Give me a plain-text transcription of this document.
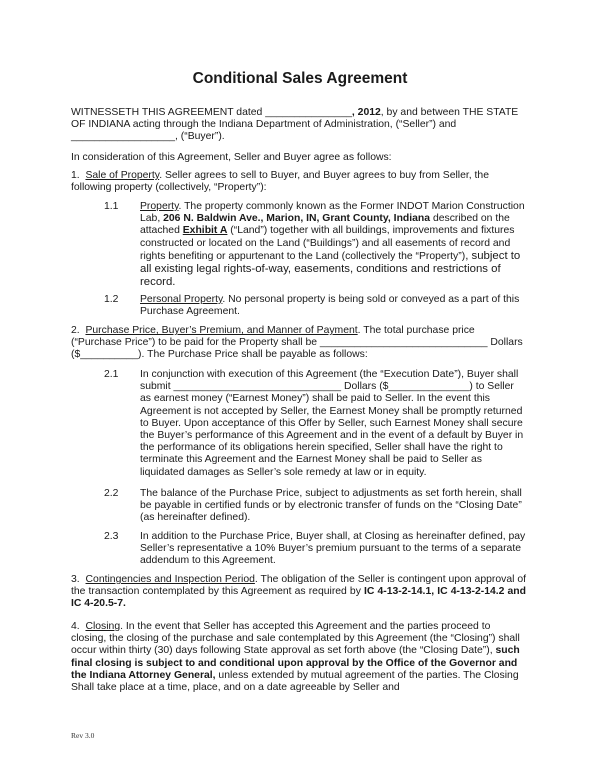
Conditional Sales Agreement
WITNESSETH THIS AGREEMENT dated _______________, 2012, by and between THE STATE OF INDIANA acting through the Indiana Department of Administration, (“Seller”) and __________________, (“Buyer”).
In consideration of this Agreement, Seller and Buyer agree as follows:
1. Sale of Property. Seller agrees to sell to Buyer, and Buyer agrees to buy from Seller, the following property (collectively, “Property”):
1.1 Property. The property commonly known as the Former INDOT Marion Construction Lab, 206 N. Baldwin Ave., Marion, IN, Grant County, Indiana described on the attached Exhibit A (“Land”) together with all buildings, improvements and fixtures constructed or located on the Land (“Buildings”) and all easements of record and rights benefiting or appurtenant to the Land (collectively the “Property”), subject to all existing legal rights-of-way, easements, conditions and restrictions of record.
1.2 Personal Property. No personal property is being sold or conveyed as a part of this Purchase Agreement.
2. Purchase Price, Buyer’s Premium, and Manner of Payment. The total purchase price (“Purchase Price”) to be paid for the Property shall be _____________________________ Dollars ($__________). The Purchase Price shall be payable as follows:
2.1 In conjunction with execution of this Agreement (the “Execution Date”), Buyer shall submit _____________________________ Dollars ($______________) to Seller as earnest money (“Earnest Money”) shall be paid to Seller. In the event this Agreement is not accepted by Seller, the Earnest Money shall be promptly returned to Buyer. Upon acceptance of this Offer by Seller, such Earnest Money shall secure the Buyer’s performance of this Agreement and in the event of a default by Buyer in the performance of its obligations herein specified, Seller shall have the right to terminate this Agreement and the Earnest Money shall be paid to Seller as liquidated damages as Seller’s sole remedy at law or in equity.
2.2 The balance of the Purchase Price, subject to adjustments as set forth herein, shall be payable in certified funds or by electronic transfer of funds on the “Closing Date” (as hereinafter defined).
2.3 In addition to the Purchase Price, Buyer shall, at Closing as hereinafter defined, pay Seller’s representative a 10% Buyer’s premium pursuant to the terms of a separate addendum to this Agreement.
3. Contingencies and Inspection Period. The obligation of the Seller is contingent upon approval of the transaction contemplated by this Agreement as required by IC 4-13-2-14.1, IC 4-13-2-14.2 and IC 4-20.5-7.
4. Closing. In the event that Seller has accepted this Agreement and the parties proceed to closing, the closing of the purchase and sale contemplated by this Agreement (the “Closing”) shall occur within thirty (30) days following State approval as set forth above (the “Closing Date”), such final closing is subject to and conditional upon approval by the Office of the Governor and the Indiana Attorney General, unless extended by mutual agreement of the parties. The Closing Shall take place at a time, place, and on a date agreeable by Seller and
Rev 3.0
